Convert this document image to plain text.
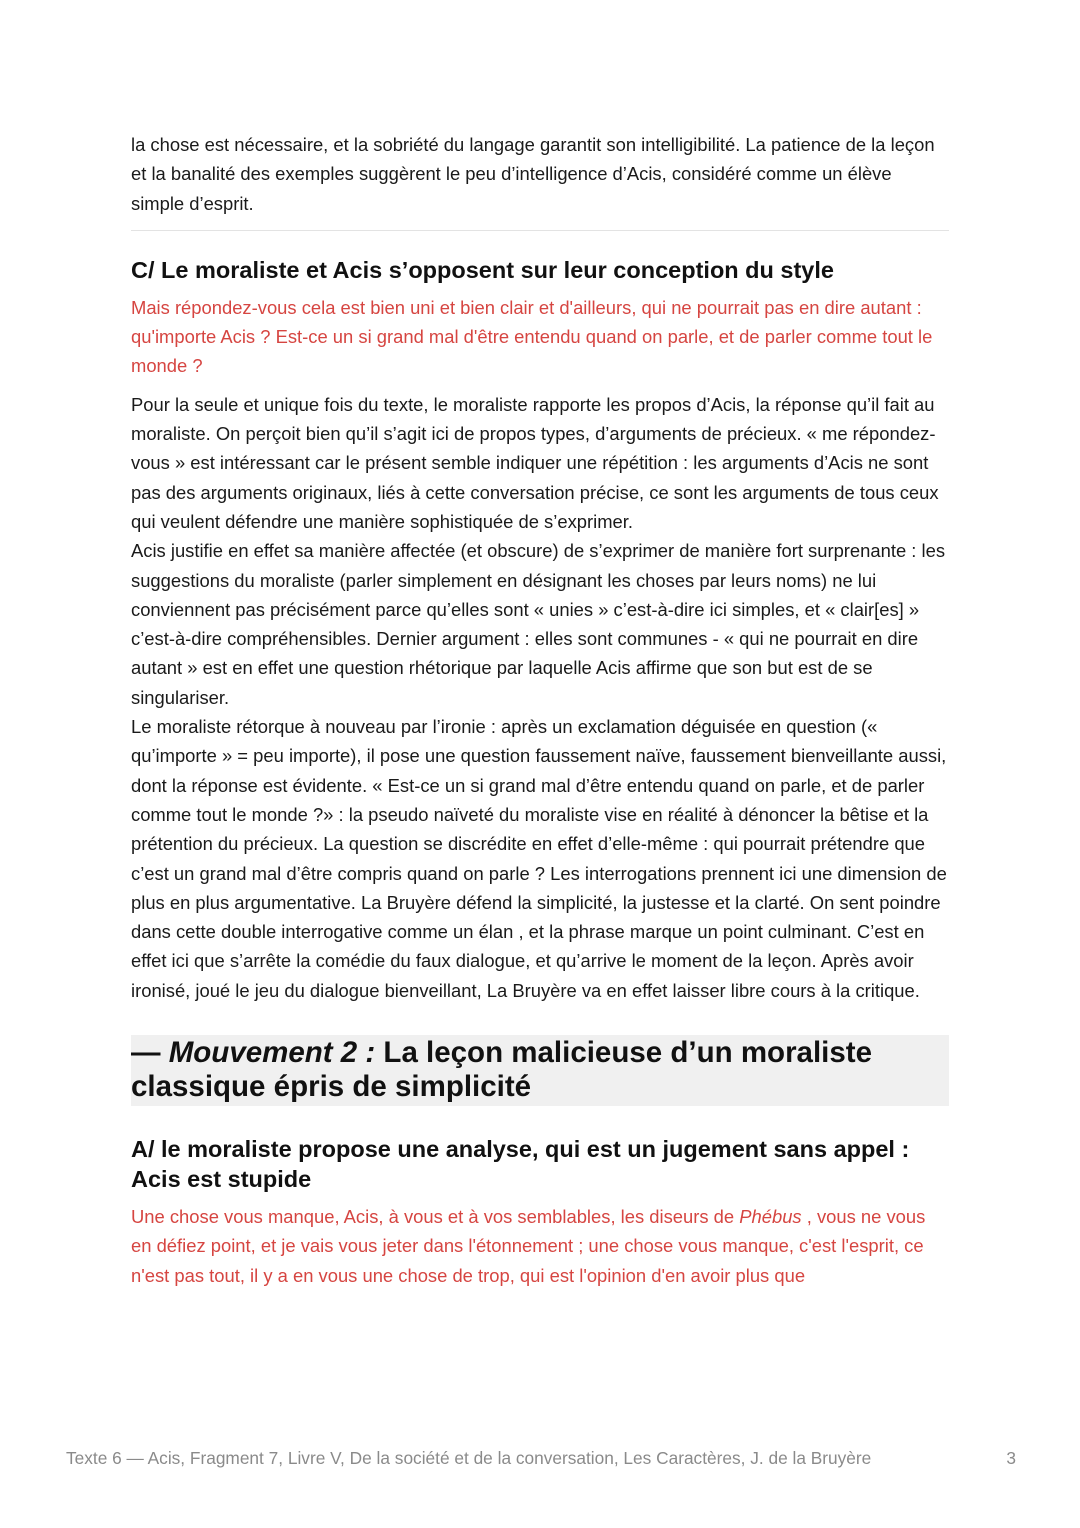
la chose est nécessaire, et la sobriété du langage garantit son intelligibilité. La patience de la leçon et la banalité des exemples suggèrent le peu d’intelligence d’Acis, considéré comme un élève simple d’esprit.

C/ Le moraliste et Acis s’opposent sur leur conception du style

Mais répondez-vous cela est bien uni et bien clair et d'ailleurs, qui ne pourrait pas en dire autant : qu'importe Acis ? Est-ce un si grand mal d'être entendu quand on parle, et de parler comme tout le monde ?

Pour la seule et unique fois du texte, le moraliste rapporte les propos d’Acis, la réponse qu’il fait au moraliste. On perçoit bien qu’il s’agit ici de propos types, d’arguments de précieux. « me répondez-vous » est intéressant car le présent semble indiquer une répétition : les arguments d’Acis ne sont pas des arguments originaux, liés à cette conversation précise, ce sont les arguments de tous ceux qui veulent défendre une manière sophistiquée de s’exprimer.

Acis justifie en effet sa manière affectée (et obscure) de s’exprimer de manière fort surprenante : les suggestions du moraliste (parler simplement en désignant les choses par leurs noms) ne lui conviennent pas précisément parce qu’elles sont « unies » c’est-à-dire ici simples, et « clair[es] » c’est-à-dire compréhensibles. Dernier argument : elles sont communes - « qui ne pourrait en dire autant » est en effet une question rhétorique par laquelle Acis affirme que son but est de se singulariser.

Le moraliste rétorque à nouveau par l’ironie : après un exclamation déguisée en question (« qu’importe » = peu importe), il pose une question faussement naïve, faussement bienveillante aussi, dont la réponse est évidente. « Est-ce un si grand mal d’être entendu quand on parle, et de parler comme tout le monde ?» : la pseudo naïveté du moraliste vise en réalité à dénoncer la bêtise et la prétention du précieux. La question se discrédite en effet d’elle-même : qui pourrait prétendre que c’est un grand mal d’être compris quand on parle ? Les interrogations prennent ici une dimension de plus en plus argumentative. La Bruyère défend la simplicité, la justesse et la clarté. On sent poindre dans cette double interrogative comme un élan , et la phrase marque un point culminant. C’est en effet ici que s’arrête la comédie du faux dialogue, et qu’arrive le moment de la leçon. Après avoir ironisé, joué le jeu du dialogue bienveillant, La Bruyère va en effet laisser libre cours à la critique.

— Mouvement 2 : La leçon malicieuse d’un moraliste classique épris de simplicité
A/ le moraliste propose une analyse, qui est un jugement sans appel : Acis est stupide

Une chose vous manque, Acis, à vous et à vos semblables, les diseurs de Phébus , vous ne vous en défiez point, et je vais vous jeter dans l'étonnement ; une chose vous manque, c'est l'esprit, ce n'est pas tout, il y a en vous une chose de trop, qui est l'opinion d'en avoir plus que

Texte 6 — Acis, Fragment 7, Livre V, De la société et de la conversation, Les Caractères, J. de la Bruyère	3
